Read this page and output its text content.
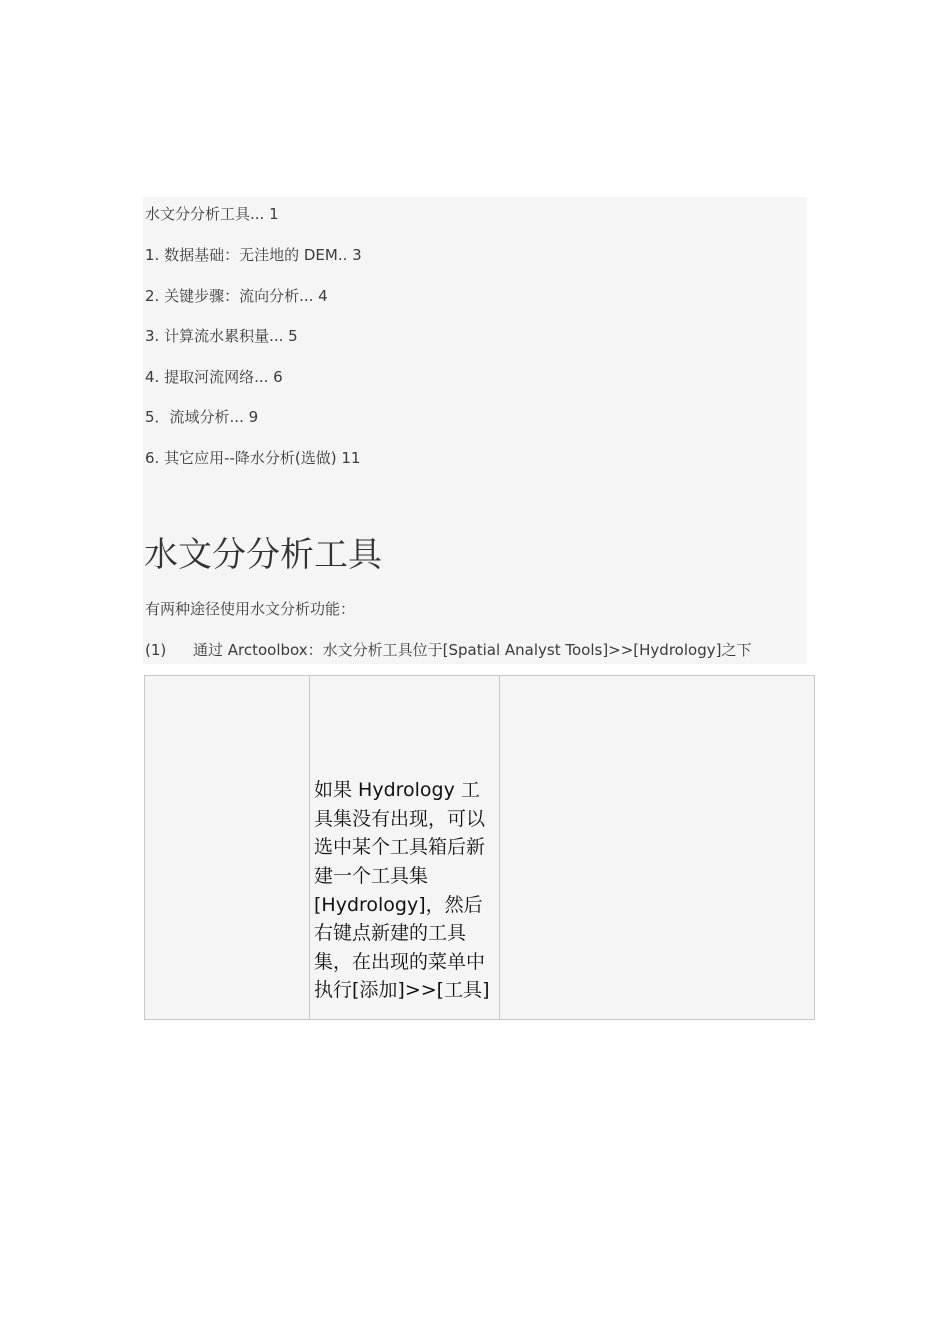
水文分分析工具... 1
1. 数据基础：无洼地的 DEM.. 3
2. 关键步骤：流向分析... 4
3. 计算流水累积量... 5
4. 提取河流网络... 6
5．流域分析... 9
6. 其它应用--降水分析(选做) 11
水文分分析工具
有两种途径使用水文分析功能：
(1) 通过 Arctoolbox：水文分析工具位于[Spatial Analyst Tools]>>[Hydrology]之下

如果 Hydrology 工
具集没有出现，可以
选中某个工具箱后新
建一个工具集
[Hydrology]，然后
右键点新建的工具
集，在出现的菜单中
执行[添加]>>[工具]
